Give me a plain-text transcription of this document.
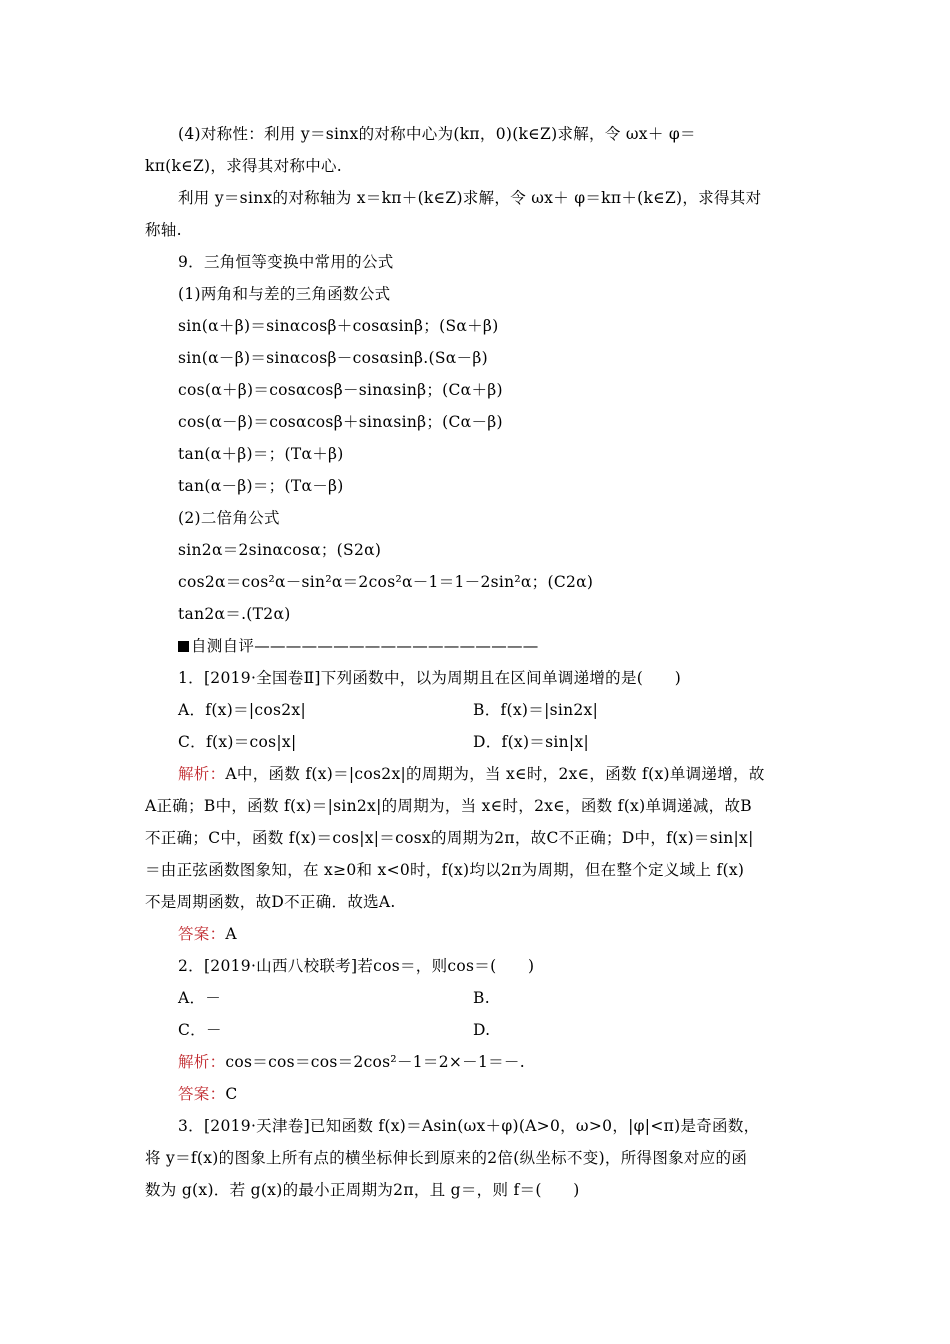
(4)对称性：利用 y＝sinx的对称中心为(kπ，0)(k∈Z)求解，令 ωx＋ φ＝
kπ(k∈Z)，求得其对称中心.
利用 y＝sinx的对称轴为 x＝kπ＋(k∈Z)求解，令 ωx＋ φ＝kπ＋(k∈Z)，求得其对
称轴.
9．三角恒等变换中常用的公式
(1)两角和与差的三角函数公式
sin(α＋β)＝sinαcosβ＋cosαsinβ；(Sα＋β)
sin(α－β)＝sinαcosβ－cosαsinβ.(Sα－β)
cos(α＋β)＝cosαcosβ－sinαsinβ；(Cα＋β)
cos(α－β)＝cosαcosβ＋sinαsinβ；(Cα－β)
tan(α＋β)＝；(Tα＋β)
tan(α－β)＝；(Tα－β)
(2)二倍角公式
sin2α＝2sinαcosα；(S2α)
cos2α＝cos²α－sin²α＝2cos²α－1＝1－2sin²α；(C2α)
tan2α＝.(T2α)
自测自评——————————————————
1．[2019·全国卷Ⅱ]下列函数中，以为周期且在区间单调递增的是(　　)
A．f(x)＝|cos2x|	B．f(x)＝|sin2x|
C．f(x)＝cos|x|	D．f(x)＝sin|x|
解析：A中，函数 f(x)＝|cos2x|的周期为，当 x∈时，2x∈，函数 f(x)单调递增，故
A正确；B中，函数 f(x)＝|sin2x|的周期为，当 x∈时，2x∈，函数 f(x)单调递减，故B
不正确；C中，函数 f(x)＝cos|x|＝cosx的周期为2π，故C不正确；D中，f(x)＝sin|x|
＝由正弦函数图象知，在 x≥0和 x<0时，f(x)均以2π为周期，但在整个定义域上 f(x)
不是周期函数，故D不正确．故选A.
答案：A
2．[2019·山西八校联考]若cos＝，则cos＝(　　)
A．－	B.
C．－	D.
解析：cos＝cos＝cos＝2cos²－1＝2×－1＝－.
答案：C
3．[2019·天津卷]已知函数 f(x)＝Asin(ωx＋φ)(A>0，ω>0，|φ|<π)是奇函数，
将 y＝f(x)的图象上所有点的横坐标伸长到原来的2倍(纵坐标不变)，所得图象对应的函
数为 g(x)．若 g(x)的最小正周期为2π，且 g＝，则 f＝(　　)
